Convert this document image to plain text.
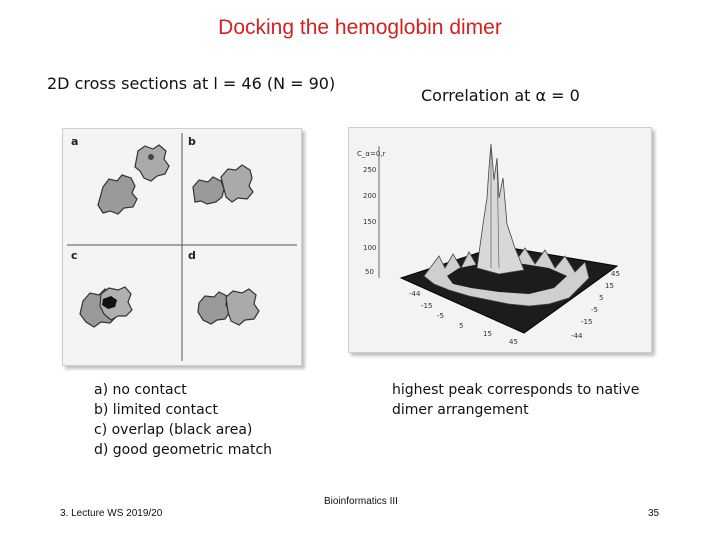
Docking the hemoglobin dimer
2D cross sections at l = 46 (N = 90)
Correlation at α = 0
a	b
c	d
C_α=0,r
250
200
150
100
50	45
15
5
-5
-15
-44
-44
-15
-5
5
15
45
a) no contact
b) limited contact
c) overlap (black area)
d) good geometric match
highest peak corresponds to native
dimer arrangement
3. Lecture WS 2019/20
Bioinformatics III
35
